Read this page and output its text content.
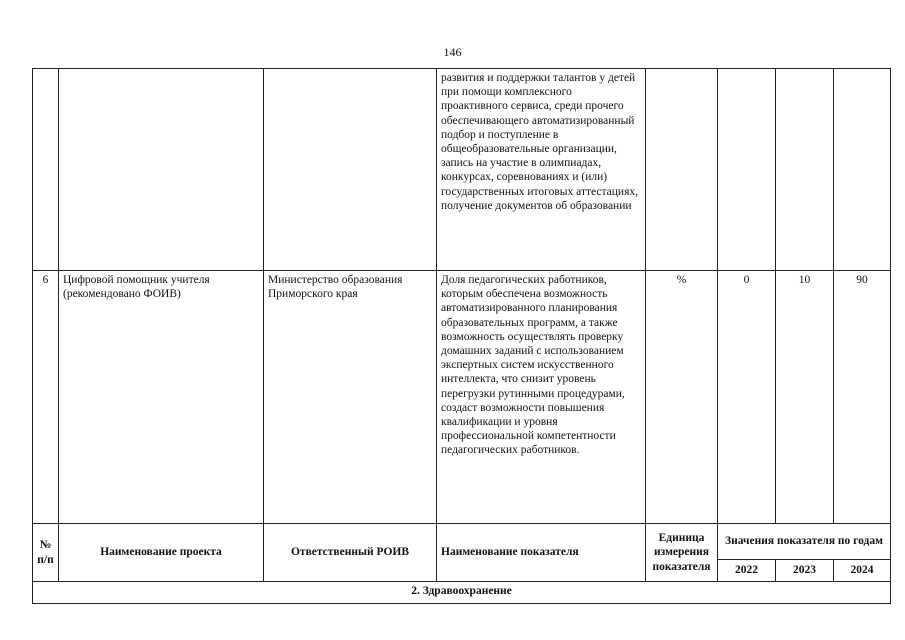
146
			развития и поддержки талантов у детей при помощи комплексного проактивного сервиса, среди прочего обеспечивающего автоматизированный подбор и поступление в общеобразовательные организации, запись на участие в олимпиадах, конкурсах, соревнованиях и (или) государственных итоговых аттестациях, получение документов об образовании				
6	Цифровой помощник учителя (рекомендовано ФОИВ)	Министерство образования Приморского края	Доля педагогических работников, которым обеспечена возможность автоматизированного планирования образовательных программ, а также возможность осуществлять проверку домашних заданий с использованием экспертных систем искусственного интеллекта, что снизит уровень перегрузки рутинными процедурами, создаст возможности повышения квалификации и уровня профессиональной компетентности педагогических работников.	%	0	10	90
№ п/п	Наименование проекта	Ответственный РОИВ	Наименование показателя	Единица измерения показателя	Значения показателя по годам		
					2022	2023	2024
2. Здравоохранение							
